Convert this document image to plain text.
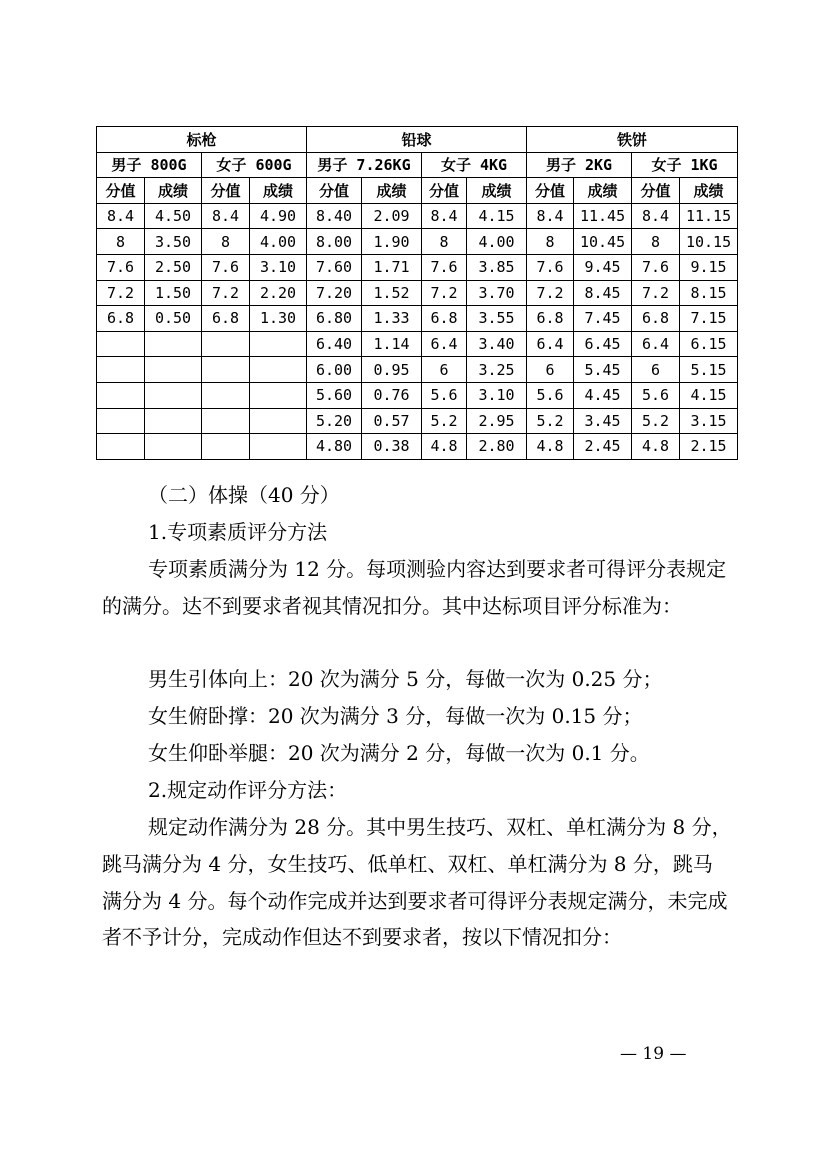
标枪				铅球				铁饼			
男子 800G		女子 600G		男子 7.26KG		女子 4KG		男子 2KG		女子 1KG	
分值	成绩	分值	成绩	分值	成绩	分值	成绩	分值	成绩	分值	成绩
8.4	4.50	8.4	4.90	8.40	2.09	8.4	4.15	8.4	11.45	8.4	11.15
8	3.50	8	4.00	8.00	1.90	8	4.00	8	10.45	8	10.15
7.6	2.50	7.6	3.10	7.60	1.71	7.6	3.85	7.6	9.45	7.6	9.15
7.2	1.50	7.2	2.20	7.20	1.52	7.2	3.70	7.2	8.45	7.2	8.15
6.8	0.50	6.8	1.30	6.80	1.33	6.8	3.55	6.8	7.45	6.8	7.15
				6.40	1.14	6.4	3.40	6.4	6.45	6.4	6.15
				6.00	0.95	6	3.25	6	5.45	6	5.15
				5.60	0.76	5.6	3.10	5.6	4.45	5.6	4.15
				5.20	0.57	5.2	2.95	5.2	3.45	5.2	3.15
				4.80	0.38	4.8	2.80	4.8	2.45	4.8	2.15

（二）体操（40 分）

1.专项素质评分方法

专项素质满分为 12 分。每项测验内容达到要求者可得评分表规定的满分。达不到要求者视其情况扣分。其中达标项目评分标准为：

男生引体向上：20 次为满分 5 分，每做一次为 0.25 分；

女生俯卧撑：20 次为满分 3 分，每做一次为 0.15 分；

女生仰卧举腿：20 次为满分 2 分，每做一次为 0.1 分。

2.规定动作评分方法：

规定动作满分为 28 分。其中男生技巧、双杠、单杠满分为 8 分，跳马满分为 4 分，女生技巧、低单杠、双杠、单杠满分为 8 分，跳马满分为 4 分。每个动作完成并达到要求者可得评分表规定满分，未完成者不予计分，完成动作但达不到要求者，按以下情况扣分：

— 19 —
